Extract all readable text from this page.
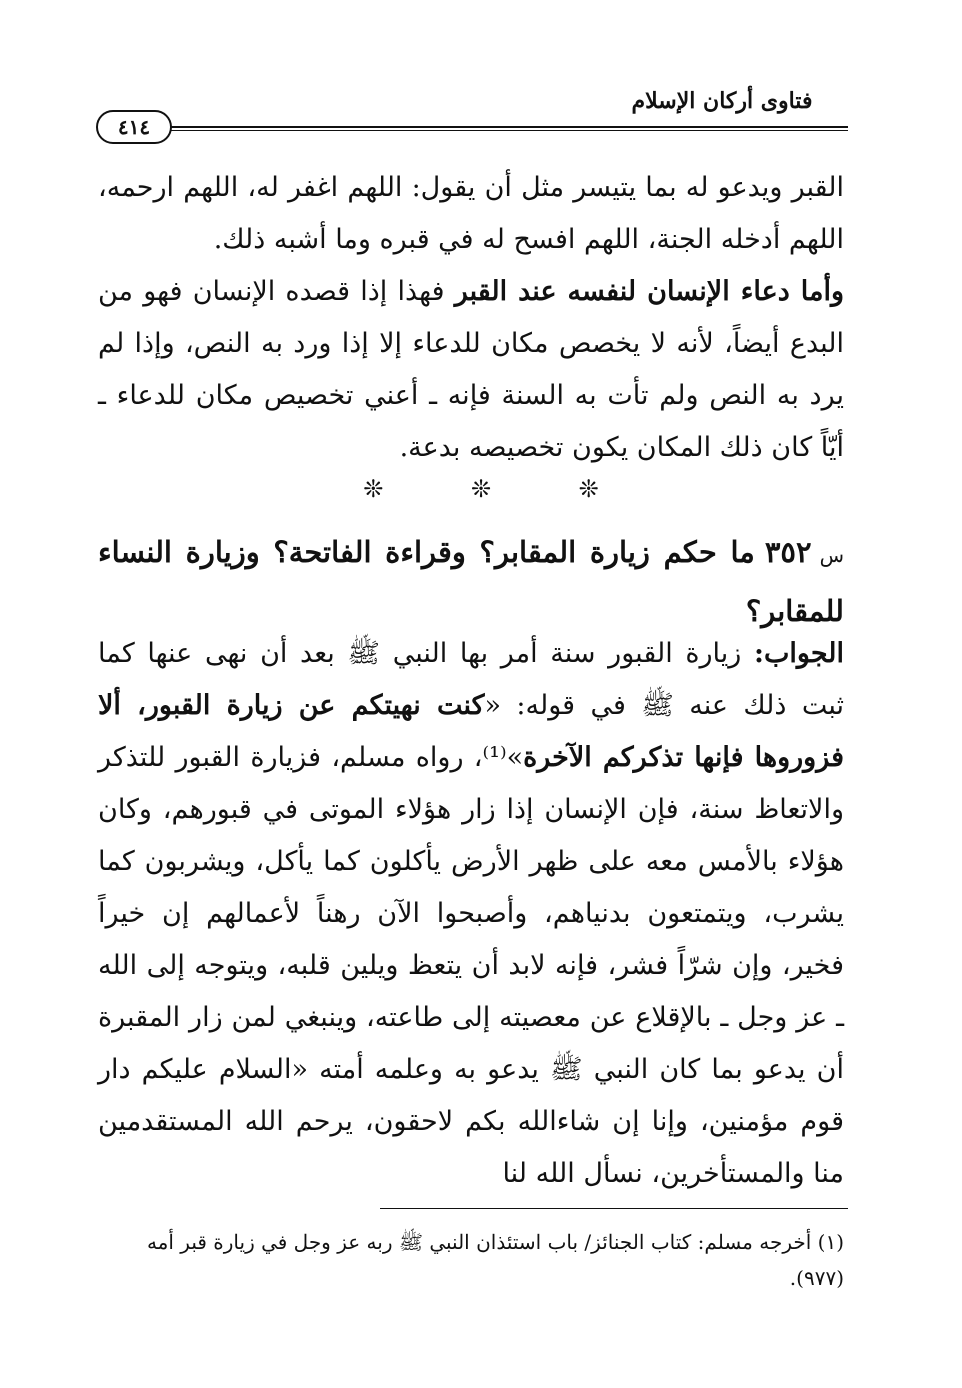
فتاوى أركان الإسلام
٤١٤
القبر ويدعو له بما يتيسر مثل أن يقول: اللهم اغفر له، اللهم ارحمه، اللهم أدخله الجنة، اللهم افسح له في قبره وما أشبه ذلك.
وأما دعاء الإنسان لنفسه عند القبر فهذا إذا قصده الإنسان فهو من البدع أيضاً، لأنه لا يخصص مكان للدعاء إلا إذا ورد به النص، وإذا لم يرد به النص ولم تأت به السنة فإنه ـ أعني تخصيص مكان للدعاء ـ أيّاً كان ذلك المكان يكون تخصيصه بدعة.
❊ ❊ ❊
س٣٥٢ما حكم زيارة المقابر؟ وقراءة الفاتحة؟ وزيارة النساء للمقابر؟
الجواب: زيارة القبور سنة أمر بها النبي ﷺ بعد أن نهى عنها كما ثبت ذلك عنه ﷺ في قوله: «كنت نهيتكم عن زيارة القبور، ألا فزوروها فإنها تذكركم الآخرة»⁽¹⁾، رواه مسلم، فزيارة القبور للتذكر والاتعاظ سنة، فإن الإنسان إذا زار هؤلاء الموتى في قبورهم، وكان هؤلاء بالأمس معه على ظهر الأرض يأكلون كما يأكل، ويشربون كما يشرب، ويتمتعون بدنياهم، وأصبحوا الآن رهناً لأعمالهم إن خيراً فخير، وإن شرّاً فشر، فإنه لابد أن يتعظ ويلين قلبه، ويتوجه إلى الله ـ عز وجل ـ بالإقلاع عن معصيته إلى طاعته، وينبغي لمن زار المقبرة أن يدعو بما كان النبي ﷺ يدعو به وعلمه أمته «السلام عليكم دار قوم مؤمنين، وإنا إن شاءالله بكم لاحقون، يرحم الله المستقدمين منا والمستأخرين، نسأل الله لنا
(١) أخرجه مسلم: كتاب الجنائز/ باب استئذان النبي ﷺ ربه عز وجل في زيارة قبر أمه (٩٧٧).
